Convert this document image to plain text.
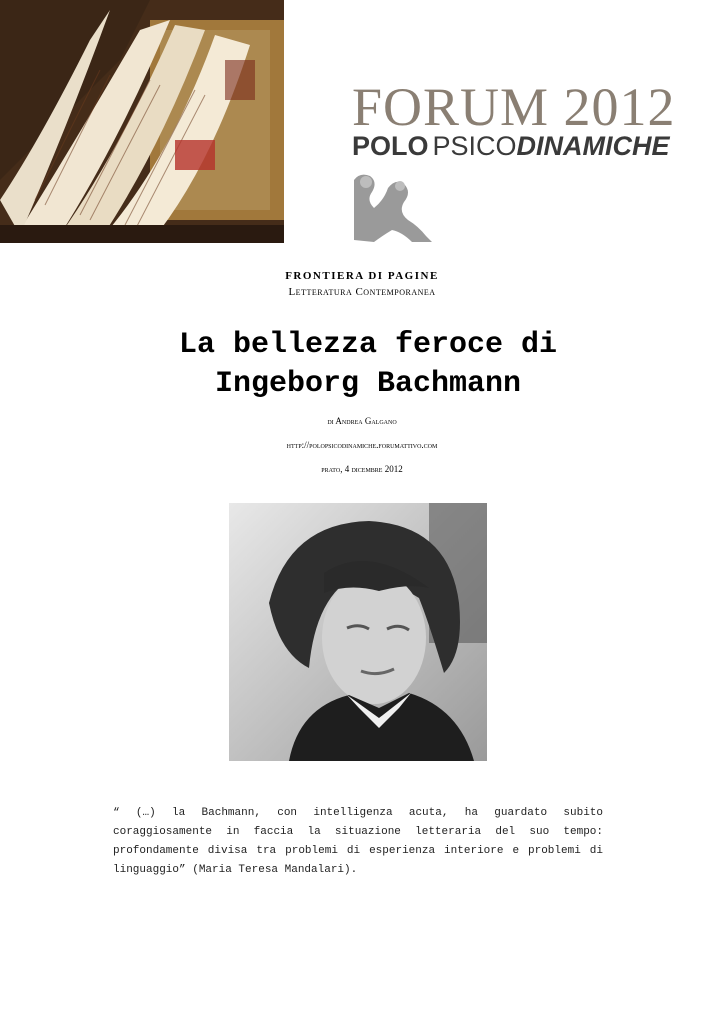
FORUM 2012
POLO PSICODINAMICHE
FRONTIERA DI PAGINE
Letteratura Contemporanea
La bellezza feroce di
Ingeborg Bachmann
di Andrea Galgano
http://polopsicodinamiche.forumattivo.com
prato, 4 dicembre 2012
“ (…) la Bachmann, con intelligenza acuta, ha guardato subito coraggiosamente in faccia la situazione letteraria del suo tempo: profondamente divisa tra problemi di esperienza interiore e problemi di linguaggio” (Maria Teresa Mandalari).
